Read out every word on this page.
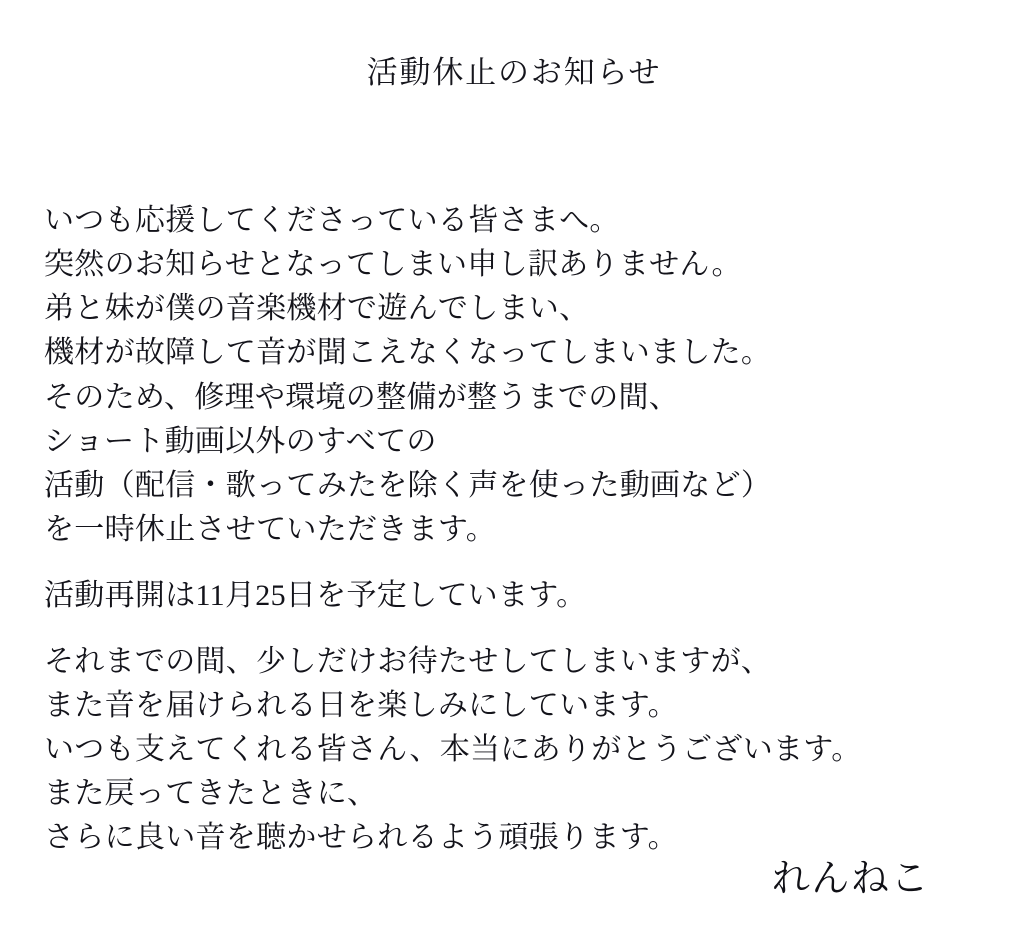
活動休止のお知らせ
いつも応援してくださっている皆さまへ。
突然のお知らせとなってしまい申し訳ありません。
弟と妹が僕の音楽機材で遊んでしまい、
機材が故障して音が聞こえなくなってしまいました。
そのため、修理や環境の整備が整うまでの間、
ショート動画以外のすべての
活動（配信・歌ってみたを除く声を使った動画など）
を一時休止させていただきます。
活動再開は11月25日を予定しています。
それまでの間、少しだけお待たせしてしまいますが、
また音を届けられる日を楽しみにしています。
いつも支えてくれる皆さん、本当にありがとうございます。
また戻ってきたときに、
さらに良い音を聴かせられるよう頑張ります。
れんねこ
